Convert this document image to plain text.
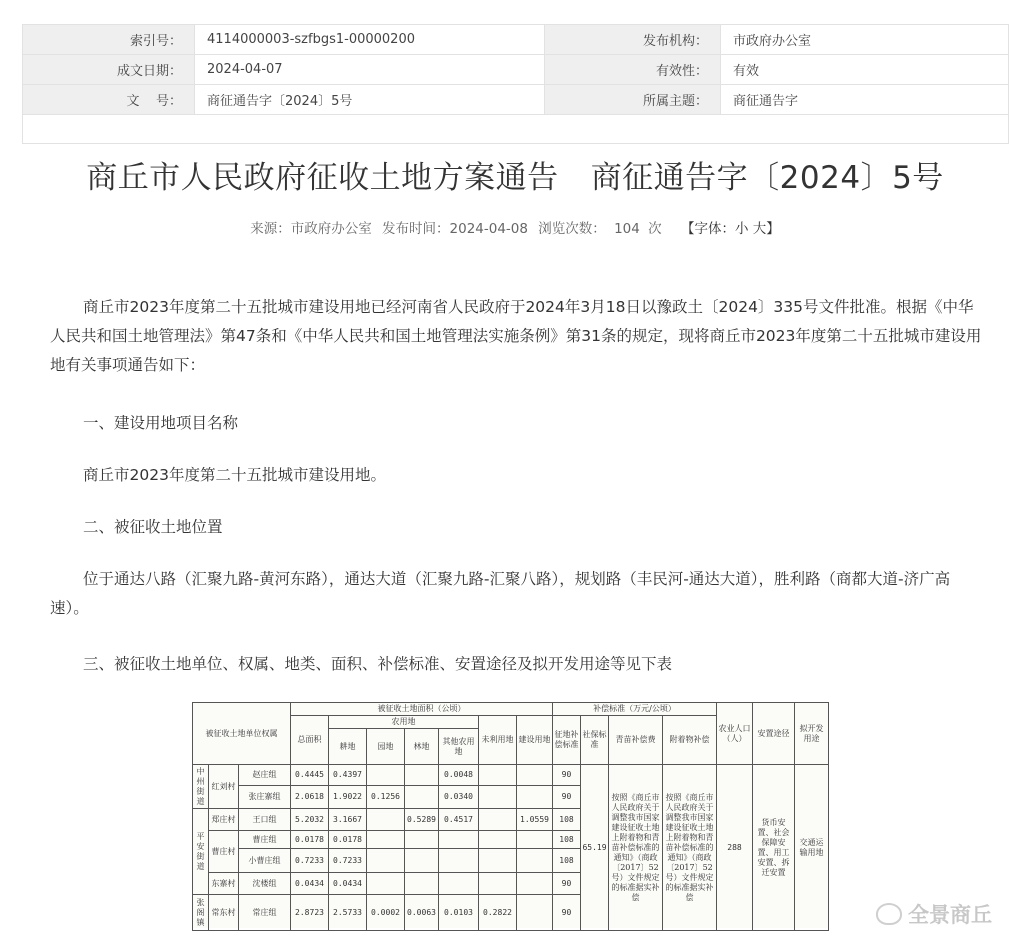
索引号：	4114000003-szfbgs1-00000200	发布机构：	市政府办公室
成文日期：	2024-04-07	有效性：	有效
文    号：	商征通告字〔2024〕5号	所属主题：	商征通告字

商丘市人民政府征收土地方案通告 商征通告字〔2024〕5号
来源：市政府办公室 发布时间：2024-04-08 浏览次数： 104 次 【字体：小 大】
商丘市2023年度第二十五批城市建设用地已经河南省人民政府于2024年3月18日以豫政土〔2024〕335号文件批准。根据《中华人民共和国土地管理法》第47条和《中华人民共和国土地管理法实施条例》第31条的规定，现将商丘市2023年度第二十五批城市建设用地有关事项通告如下：
一、建设用地项目名称
商丘市2023年度第二十五批城市建设用地。
二、被征收土地位置
位于通达八路（汇聚九路-黄河东路），通达大道（汇聚九路-汇聚八路），规划路（丰民河-通达大道），胜利路（商都大道-济广高速）。
三、被征收土地单位、权属、地类、面积、补偿标准、安置途径及拟开发用途等见下表
被征收土地单位权属			被征收土地面积（公顷）							补偿标准（万元/公顷）				农业人口（人）	安置途径	拟开发用途
			总面积	农用地				未利用地	建设用地	征地补偿标准	社保标准	青苗补偿费	附着物补偿			
				耕地	园地	林地	其他农用地									
中州街道	红刘村	赵庄组	0.4445	0.4397			0.0048			90	65.19	按照《商丘市人民政府关于调整我市国家建设征收土地上附着物和青苗补偿标准的通知》（商政〔2017〕52号）文件规定的标准据实补偿	按照《商丘市人民政府关于调整我市国家建设征收土地上附着物和青苗补偿标准的通知》（商政〔2017〕52号）文件规定的标准据实补偿	288	货币安置、社会保障安置、用工安置、拆迁安置	交通运输用地
		张庄寨组	2.0618	1.9022	0.1256		0.0340			90						
平安街道	郑庄村	王口组	5.2032	3.1667		0.5289	0.4517		1.0559	108						
	曹庄村	曹庄组	0.0178	0.0178						108						
		小曹庄组	0.7233	0.7233						108						
	东寨村	沈楼组	0.0434	0.0434						90						
张阁镇	常东村	常庄组	2.8723	2.5733	0.0002	0.0063	0.0103	0.2822		90							全景商丘
